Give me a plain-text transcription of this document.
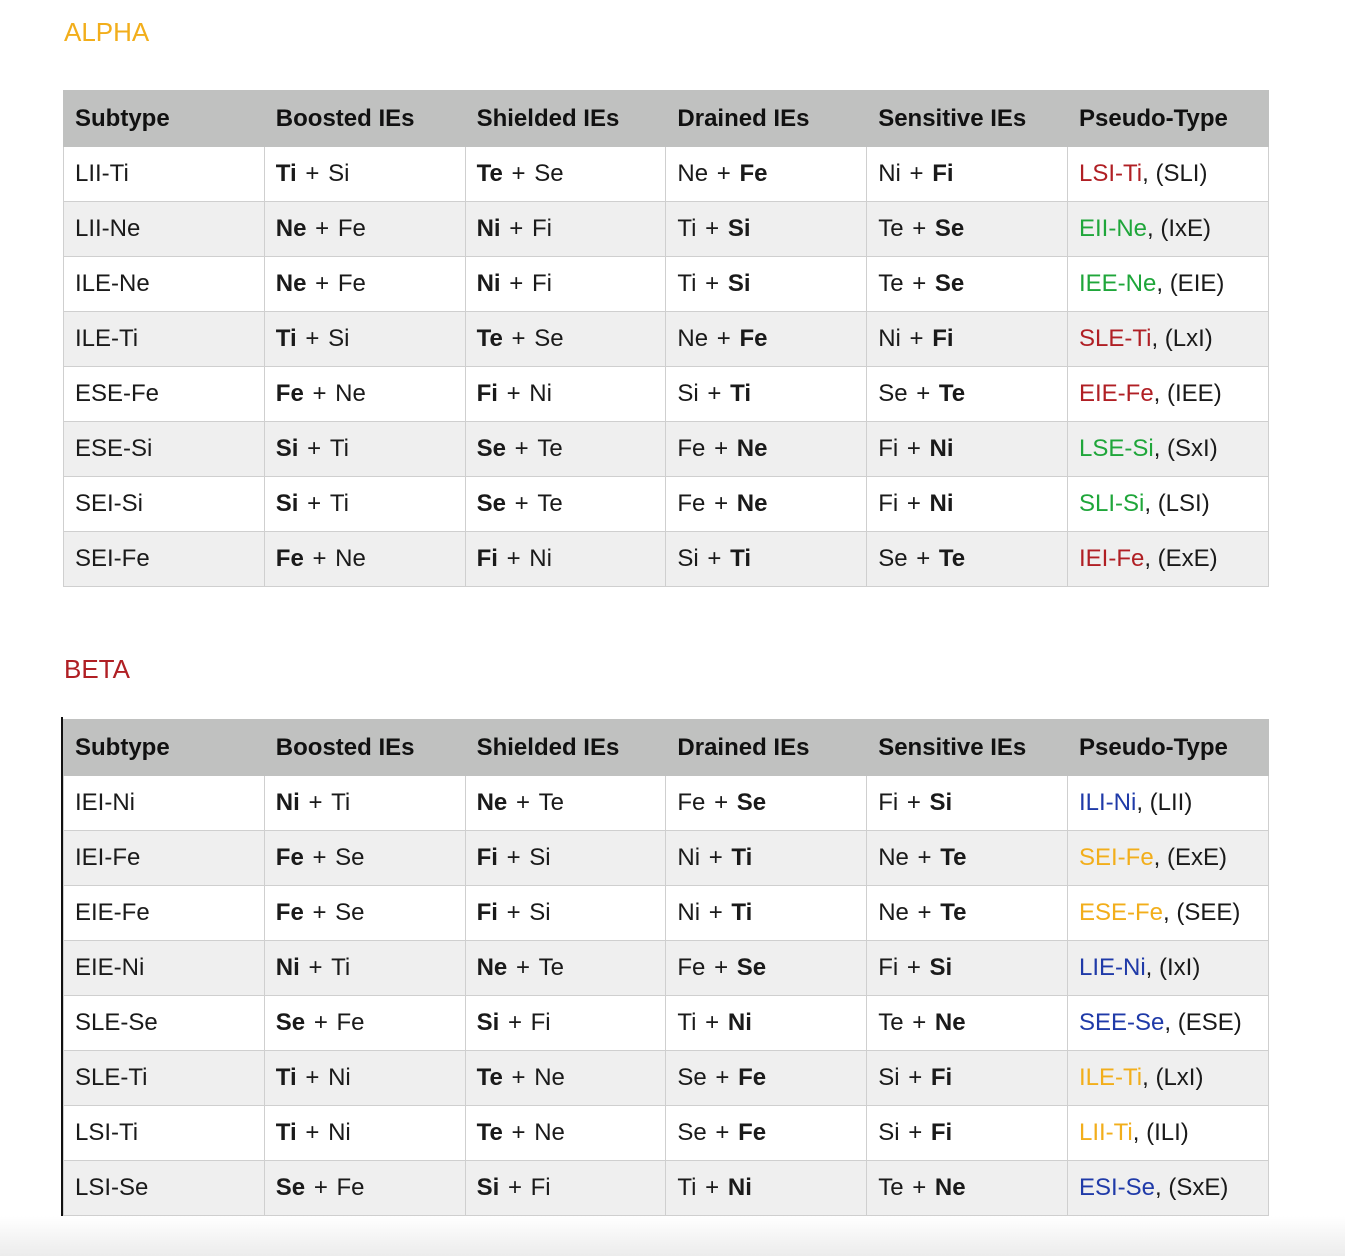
ALPHA
Subtype	Boosted IEs	Shielded IEs	Drained IEs	Sensitive IEs	Pseudo-Type
LII-Ti	Ti + Si	Te + Se	Ne + Fe	Ni + Fi	LSI-Ti, (SLI)
LII-Ne	Ne + Fe	Ni + Fi	Ti + Si	Te + Se	EII-Ne, (IxE)
ILE-Ne	Ne + Fe	Ni + Fi	Ti + Si	Te + Se	IEE-Ne, (EIE)
ILE-Ti	Ti + Si	Te + Se	Ne + Fe	Ni + Fi	SLE-Ti, (LxI)
ESE-Fe	Fe + Ne	Fi + Ni	Si + Ti	Se + Te	EIE-Fe, (IEE)
ESE-Si	Si + Ti	Se + Te	Fe + Ne	Fi + Ni	LSE-Si, (SxI)
SEI-Si	Si + Ti	Se + Te	Fe + Ne	Fi + Ni	SLI-Si, (LSI)
SEI-Fe	Fe + Ne	Fi + Ni	Si + Ti	Se + Te	IEI-Fe, (ExE)
BETA
Subtype	Boosted IEs	Shielded IEs	Drained IEs	Sensitive IEs	Pseudo-Type
IEI-Ni	Ni + Ti	Ne + Te	Fe + Se	Fi + Si	ILI-Ni, (LII)
IEI-Fe	Fe + Se	Fi + Si	Ni + Ti	Ne + Te	SEI-Fe, (ExE)
EIE-Fe	Fe + Se	Fi + Si	Ni + Ti	Ne + Te	ESE-Fe, (SEE)
EIE-Ni	Ni + Ti	Ne + Te	Fe + Se	Fi + Si	LIE-Ni, (IxI)
SLE-Se	Se + Fe	Si + Fi	Ti + Ni	Te + Ne	SEE-Se, (ESE)
SLE-Ti	Ti + Ni	Te + Ne	Se + Fe	Si + Fi	ILE-Ti, (LxI)
LSI-Ti	Ti + Ni	Te + Ne	Se + Fe	Si + Fi	LII-Ti, (ILI)
LSI-Se	Se + Fe	Si + Fi	Ti + Ni	Te + Ne	ESI-Se, (SxE)
